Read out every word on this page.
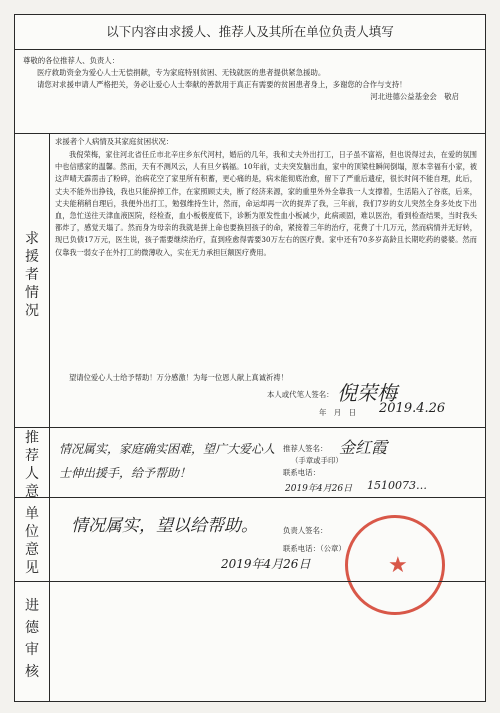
以下内容由求援人、推荐人及其所在单位负责人填写
尊敬的各位推荐人、负责人：
医疗救助资金为爱心人士无偿捐献，专为家庭特别贫困、无钱就医的患者提供紧急援助。
请您对求援申请人严格把关，务必让爱心人士奉献的善款用于真正有需要的贫困患者身上，多谢您的合作与支持！
河北进德公益基金会　敬启
求
援
者
情
况
求援者个人病情及其家庭贫困状况：
我倪荣梅，家住河北省任丘市北辛庄乡东代河村，婚后的几年，我和丈夫外出打工，日子虽不富裕，但也说得过去，在爱的氛围中也信感家的温馨。然而，天有不测风云，人有旦夕祸福。10年前，丈夫突发脑出血，家中的顶梁柱瞬间倒塌，原本幸福有小家，被这声晴天霹雳击了粉碎，治病花空了家里所有积蓄，更心痛的是，病未能彻底治愈，留下了严重后遗症，很长时间不能自理，此后，丈夫不能外出挣钱，我也只能辞掉工作，在家照顾丈夫，断了经济来源，家的重里外外全靠我一人支撑着，生活陷入了谷底，后来，丈夫能稍稍自理后，我便外出打工，勉强维持生计，然而，命运却再一次的捉弄了我，三年前，我们7岁的女儿突然全身多处皮下出血，急忙送往天津血液医院，经检查，血小板极度低下，诊断为原发性血小板减少，此病顽固，难以医治，看到检查结果，当时我头都炸了，感觉天塌了。然而身为母亲的我就是拼上命也要换回孩子的命，紧接着三年的治疗，花费了十几万元，然而病情并无好转，现已负债17万元，医生说，孩子需要继续治疗，直到痊愈得需要30万左右的医疗费。家中还有70多岁高龄且长期吃药的婆婆。然而仅靠我一弱女子在外打工的微薄收入，实在无力承担巨额医疗费用。
望请位爱心人士给予帮助！万分感激！为每一位恩人献上真诚祈祷！
本人或代笔人签名： 倪荣梅
年　月　日 2019.4.26
推
荐
人
意
情况属实，家庭确实困难，望广大爱心人士伸出援手，给予帮助！
推荐人签名： 金红霞
（手章或手印）
联系电话：
2019年4月26日 1510073…
单
位
意
见
情况属实，望以给帮助。	负责人签名：
联系电话：（公章）
2019年4月26日	★
进
德
审
核
